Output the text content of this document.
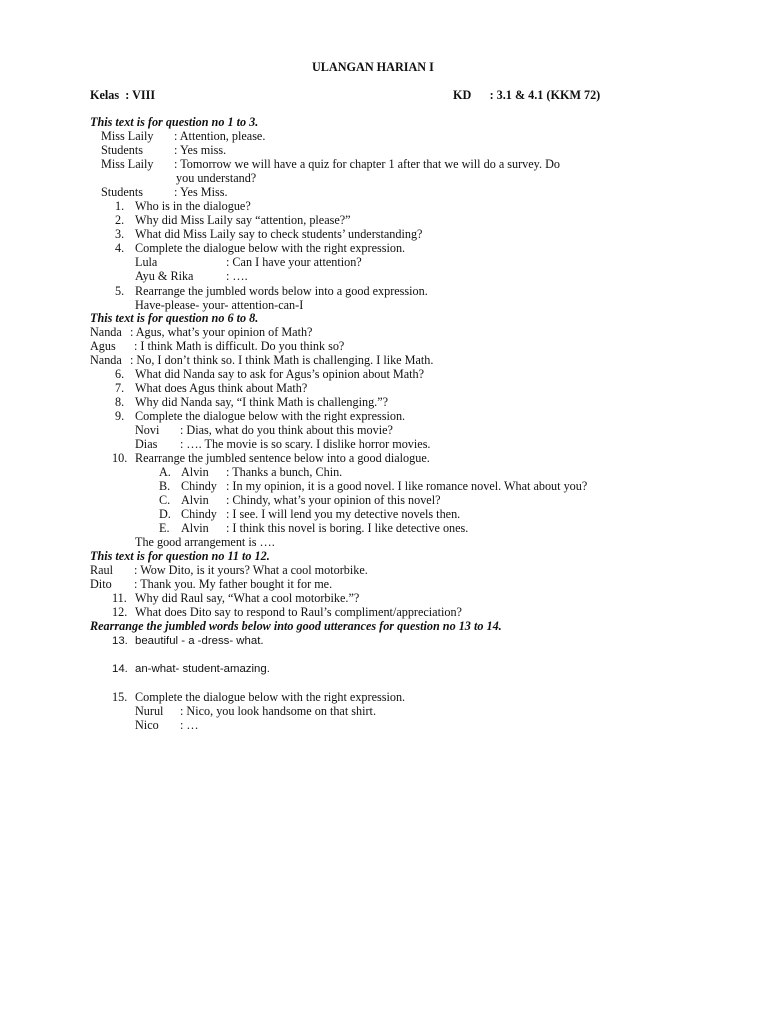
ULANGAN HARIAN I
Kelas  : VIII	KD      : 3.1 & 4.1 (KKM 72)
This text is for question no 1 to 3.
Miss Laily : Attention, please.
Students	: Yes miss.
Miss Laily : Tomorrow we will have a quiz for chapter 1 after that we will do a survey. Do
you understand?
Students	: Yes Miss.
1. Who is in the dialogue?
2. Why did Miss Laily say “attention, please?”
3. What did Miss Laily say to check students’ understanding?
4. Complete the dialogue below with the right expression.
Lula	: Can I have your attention?
Ayu & Rika	: ….
5. Rearrange the jumbled words below into a good expression.
Have-please- your- attention-can-I
This text is for question no 6 to 8.
Nanda : Agus, what’s your opinion of Math?
Agus : I think Math is difficult. Do you think so?
Nanda : No, I don’t think so. I think Math is challenging. I like Math.
6. What did Nanda say to ask for Agus’s opinion about Math?
7. What does Agus think about Math?
8. Why did Nanda say, “I think Math is challenging.”?
9. Complete the dialogue below with the right expression.
Novi : Dias, what do you think about this movie?
Dias : …. The movie is so scary. I dislike horror movies.
10. Rearrange the jumbled sentence below into a good dialogue.
A. Alvin : Thanks a bunch, Chin.
B. Chindy : In my opinion, it is a good novel. I like romance novel. What about you?
C. Alvin : Chindy, what’s your opinion of this novel?
D. Chindy : I see. I will lend you my detective novels then.
E. Alvin : I think this novel is boring. I like detective ones.
The good arrangement is ….
This text is for question no 11 to 12.
Raul : Wow Dito, is it yours? What a cool motorbike.
Dito : Thank you. My father bought it for me.
11. Why did Raul say, “What a cool motorbike.”?
12. What does Dito say to respond to Raul’s compliment/appreciation?
Rearrange the jumbled words below into good utterances for question no 13 to 14.
13. beautiful - a -dress- what.
14. an-what- student-amazing.
15. Complete the dialogue below with the right expression.
Nurul : Nico, you look handsome on that shirt.
Nico : …
